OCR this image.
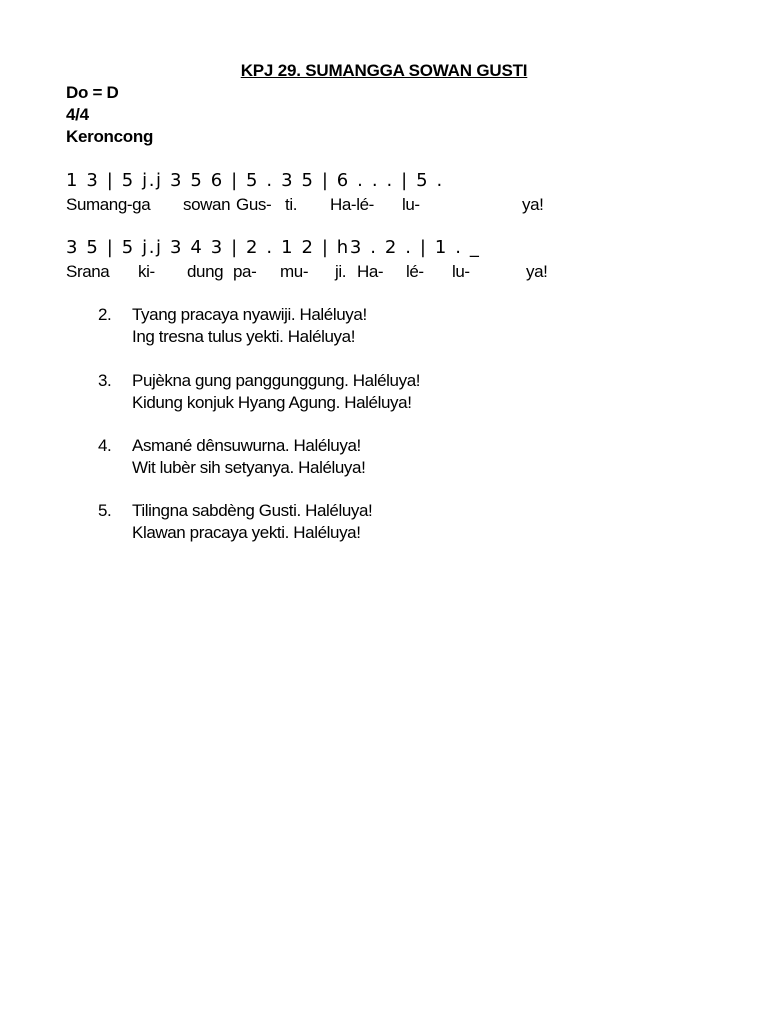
KPJ 29. SUMANGGA SOWAN GUSTI
Do = D
4/4
Keroncong
1 3 | 5 j.j 3 5 6 | 5 . 3 5 | 6 . . . | 5 .
Sumang-ga sowan Gus- ti. Ha-lé- lu-	ya!
3 5 | 5 j.j 3 4 3 | 2 . 1 2 | h3 . 2 . | 1 . _
Srana ki- dung pa- mu- ji. Ha- lé- lu-	ya!
2. Tyang pracaya nyawiji. Haléluya!
Ing tresna tulus yekti. Haléluya!
3. Pujèkna gung panggunggung. Haléluya!
Kidung konjuk Hyang Agung. Haléluya!
4. Asmané dênsuwurna. Haléluya!
Wit lubèr sih setyanya. Haléluya!
5. Tilingna sabdèng Gusti. Haléluya!
Klawan pracaya yekti. Haléluya!
